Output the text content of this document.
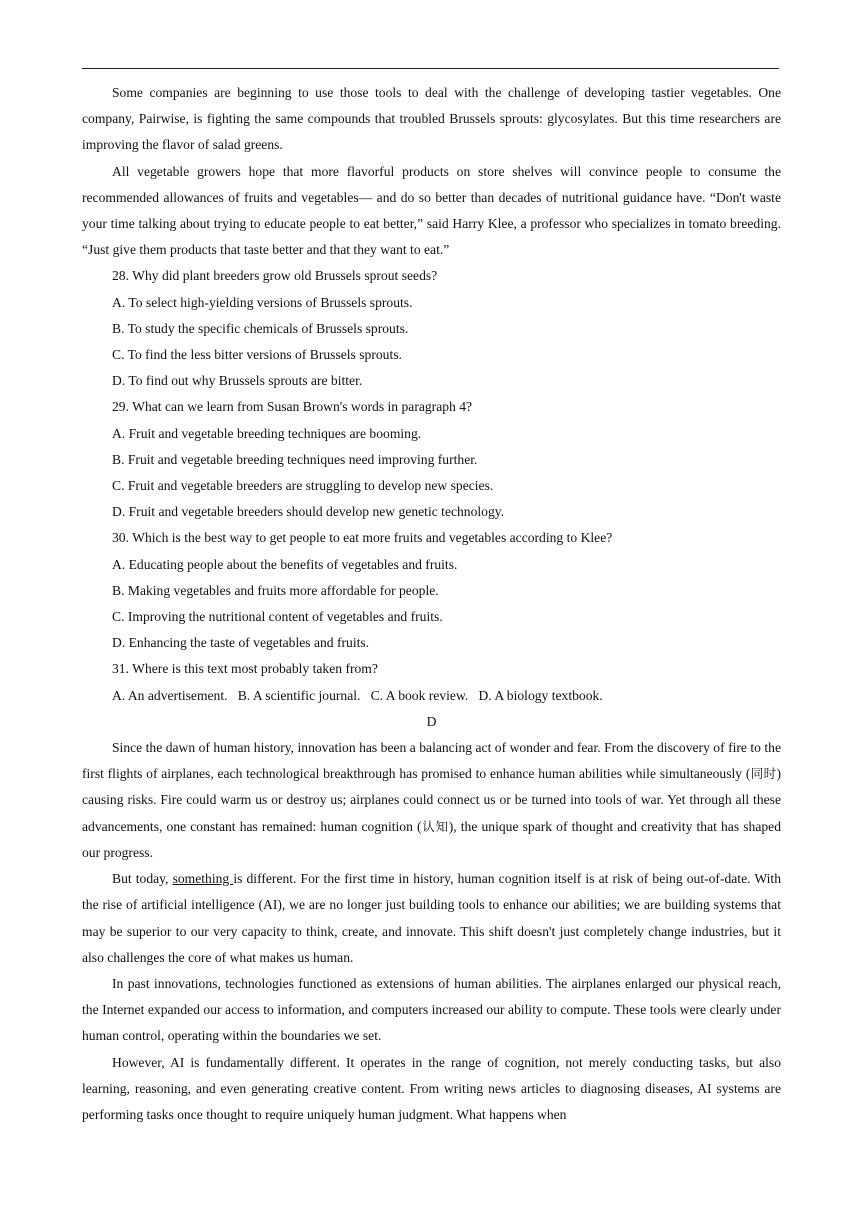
Some companies are beginning to use those tools to deal with the challenge of developing tastier vegetables. One company, Pairwise, is fighting the same compounds that troubled Brussels sprouts: glycosylates. But this time researchers are improving the flavor of salad greens.

All vegetable growers hope that more flavorful products on store shelves will convince people to consume the recommended allowances of fruits and vegetables— and do so better than decades of nutritional guidance have. “Don't waste your time talking about trying to educate people to eat better,” said Harry Klee, a professor who specializes in tomato breeding. “Just give them products that taste better and that they want to eat.”

28. Why did plant breeders grow old Brussels sprout seeds?

A. To select high-yielding versions of Brussels sprouts.

B. To study the specific chemicals of Brussels sprouts.

C. To find the less bitter versions of Brussels sprouts.

D. To find out why Brussels sprouts are bitter.

29. What can we learn from Susan Brown's words in paragraph 4?

A. Fruit and vegetable breeding techniques are booming.

B. Fruit and vegetable breeding techniques need improving further.

C. Fruit and vegetable breeders are struggling to develop new species.

D. Fruit and vegetable breeders should develop new genetic technology.

30. Which is the best way to get people to eat more fruits and vegetables according to Klee?

A. Educating people about the benefits of vegetables and fruits.

B. Making vegetables and fruits more affordable for people.

C. Improving the nutritional content of vegetables and fruits.

D. Enhancing the taste of vegetables and fruits.

31. Where is this text most probably taken from?

A. An advertisement.   B. A scientific journal.   C. A book review.   D. A biology textbook.

D

Since the dawn of human history, innovation has been a balancing act of wonder and fear. From the discovery of fire to the first flights of airplanes, each technological breakthrough has promised to enhance human abilities while simultaneously (同时) causing risks. Fire could warm us or destroy us; airplanes could connect us or be turned into tools of war. Yet through all these advancements, one constant has remained: human cognition (认知), the unique spark of thought and creativity that has shaped our progress.

But today, something is different. For the first time in history, human cognition itself is at risk of being out-of-date. With the rise of artificial intelligence (AI), we are no longer just building tools to enhance our abilities; we are building systems that may be superior to our very capacity to think, create, and innovate. This shift doesn't just completely change industries, but it also challenges the core of what makes us human.

In past innovations, technologies functioned as extensions of human abilities. The airplanes enlarged our physical reach, the Internet expanded our access to information, and computers increased our ability to compute. These tools were clearly under human control, operating within the boundaries we set.

However, AI is fundamentally different. It operates in the range of cognition, not merely conducting tasks, but also learning, reasoning, and even generating creative content. From writing news articles to diagnosing diseases, AI systems are performing tasks once thought to require uniquely human judgment. What happens when
